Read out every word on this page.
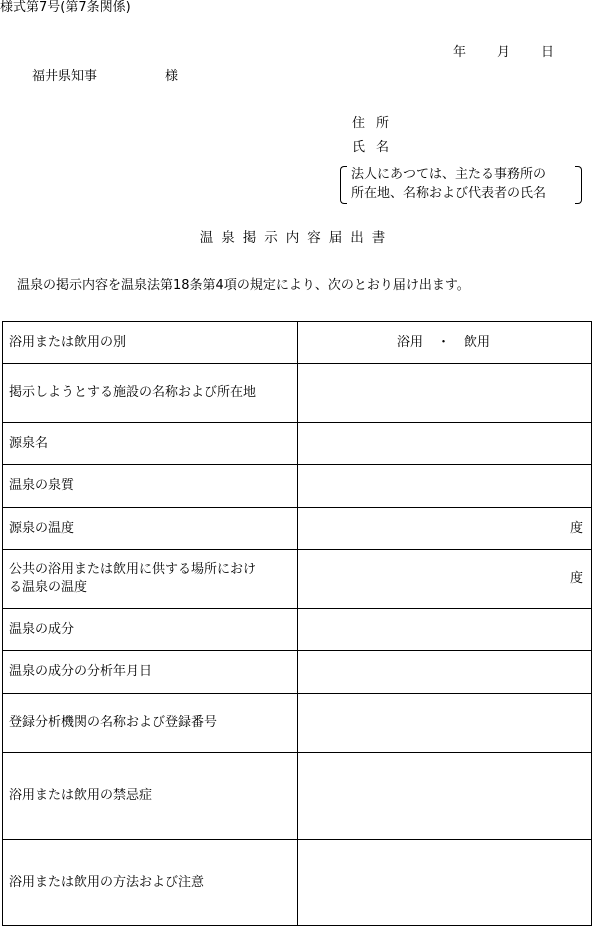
様式第7号(第7条関係)
年 月 日
福井県知事	様
住所
氏名
法人にあつては、主たる事務所の
所在地、名称および代表者の氏名
温泉掲示内容届出書
温泉の掲示内容を温泉法第18条第4項の規定により、次のとおり届け出ます。
浴用または飲用の別	浴用 ・ 飲用
掲示しようとする施設の名称および所在地	
源泉名	
温泉の泉質	
源泉の温度	度
公共の浴用または飲用に供する場所におけ
る温泉の温度	度
温泉の成分	
温泉の成分の分析年月日	
登録分析機関の名称および登録番号	
浴用または飲用の禁忌症	
浴用または飲用の方法および注意	
